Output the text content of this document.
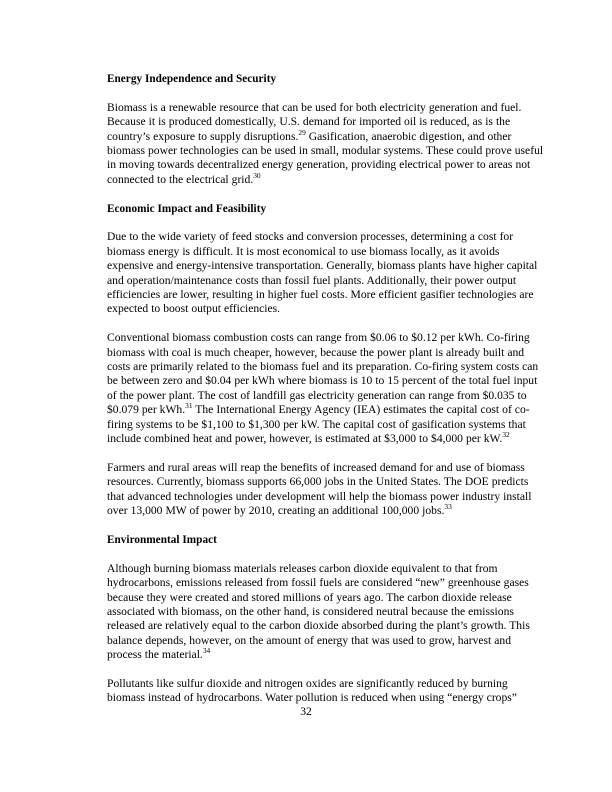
Energy Independence and Security

Biomass is a renewable resource that can be used for both electricity generation and fuel. Because it is produced domestically, U.S. demand for imported oil is reduced, as is the country’s exposure to supply disruptions.$^{29}$ Gasification, anaerobic digestion, and other biomass power technologies can be used in small, modular systems. These could prove useful in moving towards decentralized energy generation, providing electrical power to areas not connected to the electrical grid.$^{30}$

Economic Impact and Feasibility

Due to the wide variety of feed stocks and conversion processes, determining a cost for biomass energy is difficult. It is most economical to use biomass locally, as it avoids expensive and energy-intensive transportation. Generally, biomass plants have higher capital and operation/maintenance costs than fossil fuel plants. Additionally, their power output efficiencies are lower, resulting in higher fuel costs. More efficient gasifier technologies are expected to boost output efficiencies.

Conventional biomass combustion costs can range from $0.06 to $0.12 per kWh. Co-firing biomass with coal is much cheaper, however, because the power plant is already built and costs are primarily related to the biomass fuel and its preparation. Co-firing system costs can be between zero and $0.04 per kWh where biomass is 10 to 15 percent of the total fuel input of the power plant. The cost of landfill gas electricity generation can range from $0.035 to $0.079 per kWh.$^{31}$ The International Energy Agency (IEA) estimates the capital cost of co-firing systems to be $1,100 to $1,300 per kW. The capital cost of gasification systems that include combined heat and power, however, is estimated at $3,000 to $4,000 per kW.$^{32}$

Farmers and rural areas will reap the benefits of increased demand for and use of biomass resources. Currently, biomass supports 66,000 jobs in the United States. The DOE predicts that advanced technologies under development will help the biomass power industry install over 13,000 MW of power by 2010, creating an additional 100,000 jobs.$^{33}$

Environmental Impact

Although burning biomass materials releases carbon dioxide equivalent to that from hydrocarbons, emissions released from fossil fuels are considered “new” greenhouse gases because they were created and stored millions of years ago. The carbon dioxide release associated with biomass, on the other hand, is considered neutral because the emissions released are relatively equal to the carbon dioxide absorbed during the plant’s growth. This balance depends, however, on the amount of energy that was used to grow, harvest and process the material.$^{34}$

Pollutants like sulfur dioxide and nitrogen oxides are significantly reduced by burning biomass instead of hydrocarbons. Water pollution is reduced when using “energy crops”

32
